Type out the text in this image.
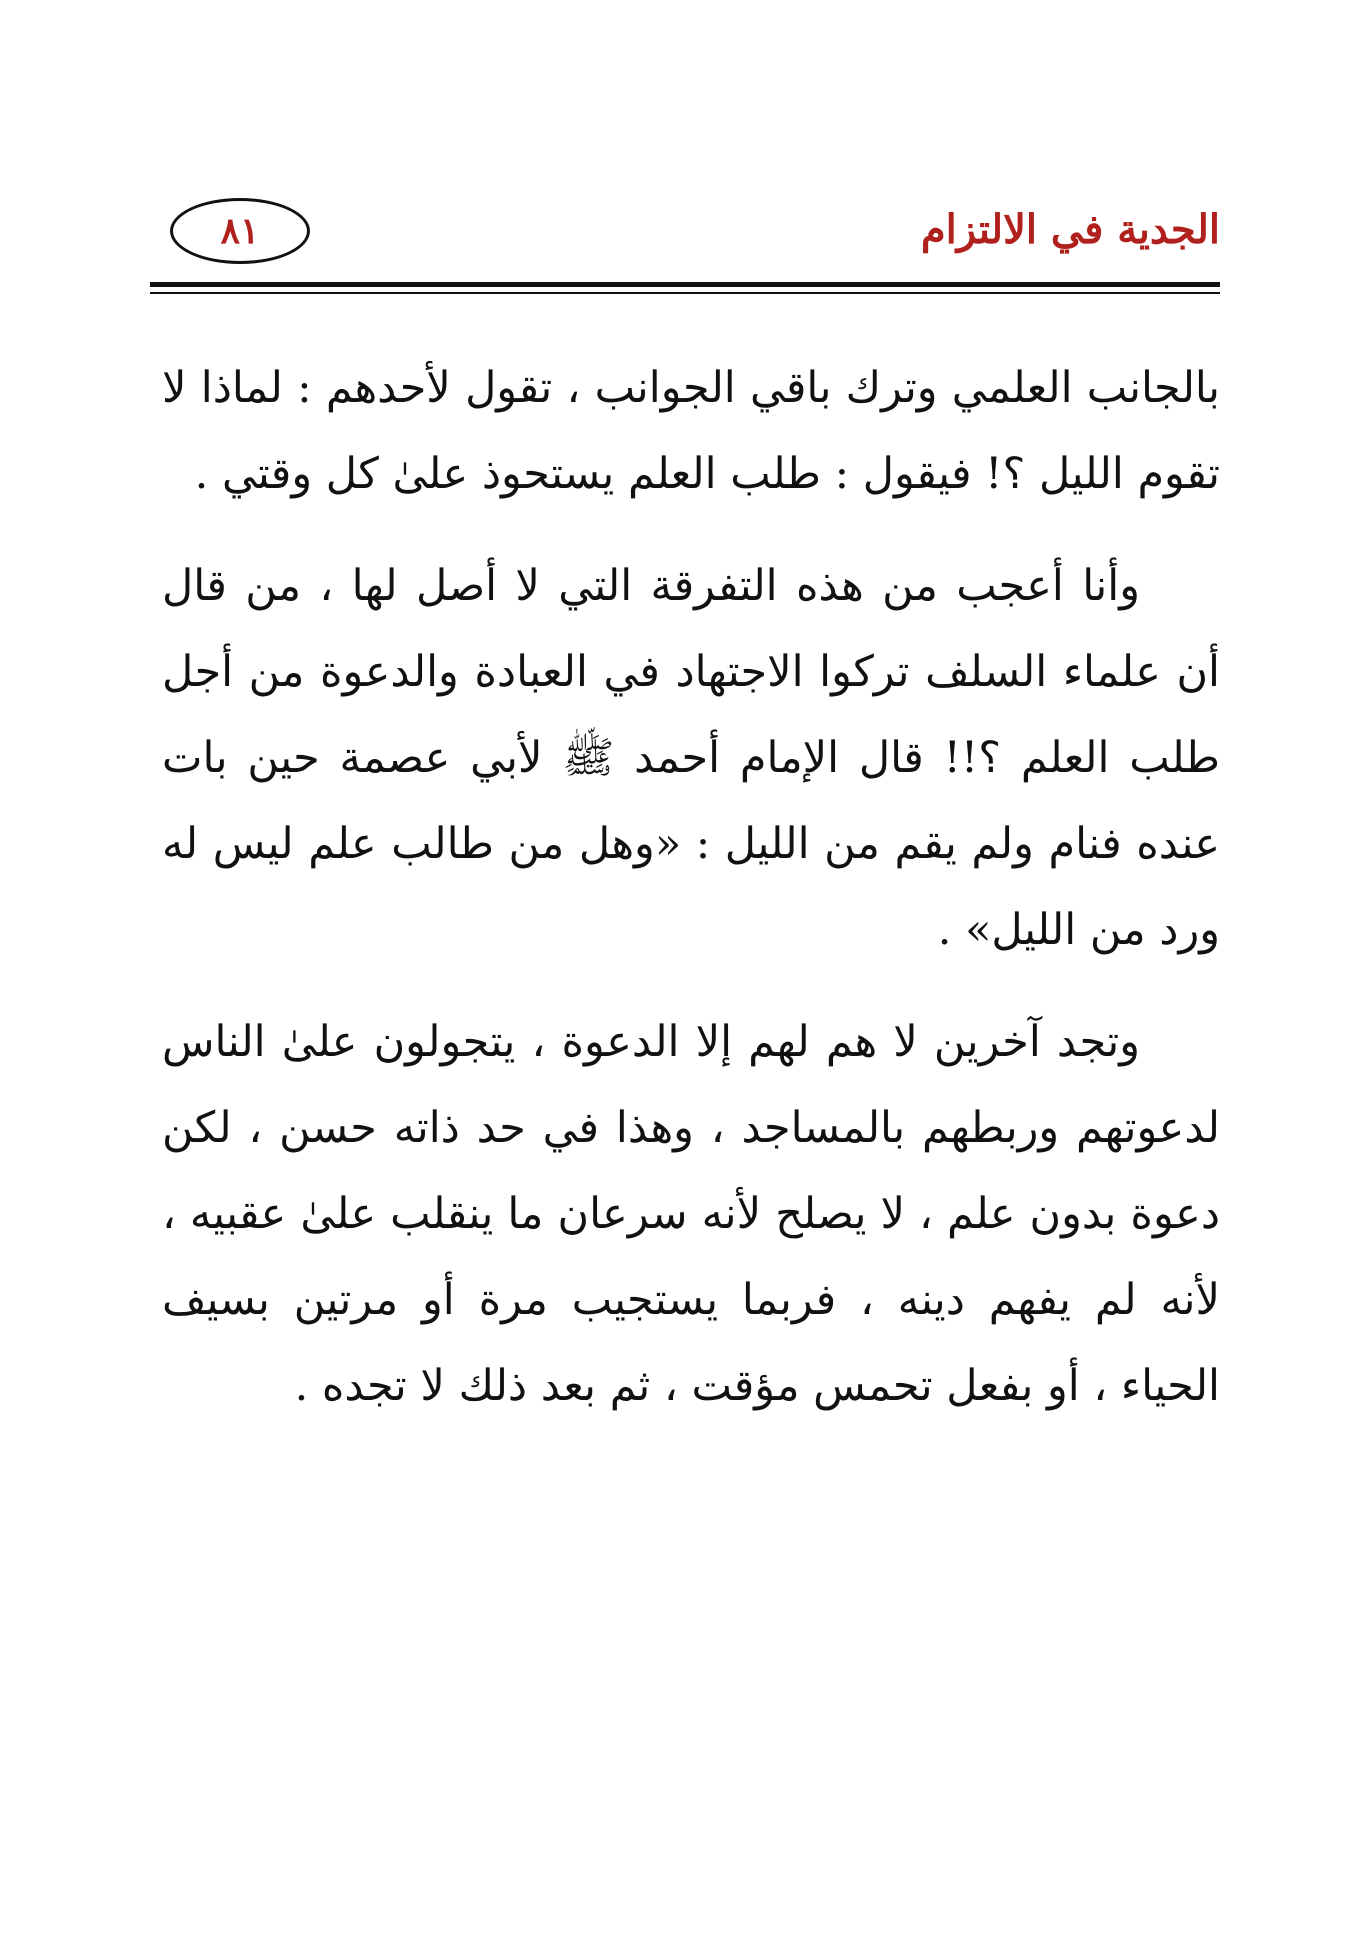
الجدية في الالتزام
٨١

بالجانب العلمي وترك باقي الجوانب ، تقول لأحدهم : لماذا لا تقوم الليل ؟! فيقول : طلب العلم يستحوذ علىٰ كل وقتي .

وأنا أعجب من هذه التفرقة التي لا أصل لها ، من قال أن علماء السلف تركوا الاجتهاد في العبادة والدعوة من أجل طلب العلم ؟!! قال الإمام أحمد ﷺ لأبي عصمة حين بات عنده فنام ولم يقم من الليل : «وهل من طالب علم ليس له ورد من الليل» .

وتجد آخرين لا هم لهم إلا الدعوة ، يتجولون علىٰ الناس لدعوتهم وربطهم بالمساجد ، وهذا في حد ذاته حسن ، لكن دعوة بدون علم ، لا يصلح لأنه سرعان ما ينقلب علىٰ عقبيه ، لأنه لم يفهم دينه ، فربما يستجيب مرة أو مرتين بسيف الحياء ، أو بفعل تحمس مؤقت ، ثم بعد ذلك لا تجده .
